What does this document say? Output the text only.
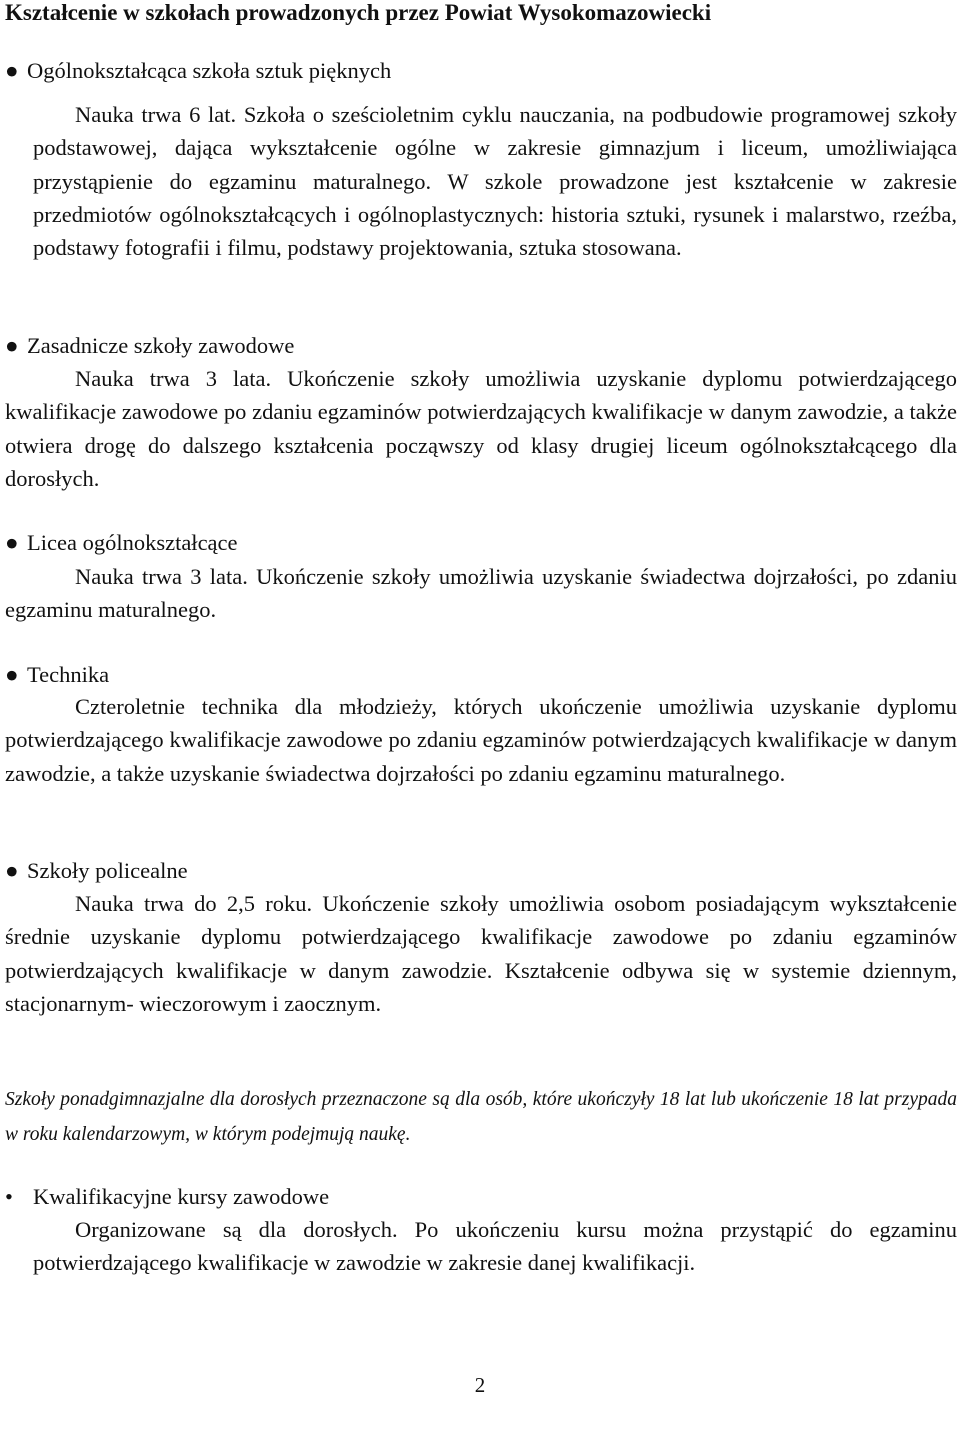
Kształcenie w szkołach prowadzonych przez Powiat Wysokomazowiecki
● Ogólnokształcąca szkoła sztuk pięknych
Nauka trwa 6 lat. Szkoła o sześcioletnim cyklu nauczania, na podbudowie programowej szkoły podstawowej, dająca wykształcenie ogólne w zakresie gimnazjum i liceum, umożliwiająca przystąpienie do egzaminu maturalnego. W szkole prowadzone jest kształcenie w zakresie przedmiotów ogólnokształcących i ogólnoplastycznych: historia sztuki, rysunek i malarstwo, rzeźba, podstawy fotografii i filmu, podstawy projektowania, sztuka stosowana.
● Zasadnicze szkoły zawodowe
Nauka trwa 3 lata. Ukończenie szkoły umożliwia uzyskanie dyplomu potwierdzającego kwalifikacje zawodowe po zdaniu egzaminów potwierdzających kwalifikacje w danym zawodzie, a także otwiera drogę do dalszego kształcenia począwszy od klasy drugiej liceum ogólnokształcącego dla dorosłych.
● Licea ogólnokształcące
Nauka trwa 3 lata. Ukończenie szkoły umożliwia uzyskanie świadectwa dojrzałości, po zdaniu egzaminu maturalnego.
● Technika
Czteroletnie technika dla młodzieży, których ukończenie umożliwia uzyskanie dyplomu potwierdzającego kwalifikacje zawodowe po zdaniu egzaminów potwierdzających kwalifikacje w danym zawodzie, a także uzyskanie świadectwa dojrzałości po zdaniu egzaminu maturalnego.
● Szkoły policealne
Nauka trwa do 2,5 roku. Ukończenie szkoły umożliwia osobom posiadającym wykształcenie średnie uzyskanie dyplomu potwierdzającego kwalifikacje zawodowe po zdaniu egzaminów potwierdzających kwalifikacje w danym zawodzie. Kształcenie odbywa się w systemie dziennym, stacjonarnym- wieczorowym i zaocznym.
Szkoły ponadgimnazjalne dla dorosłych przeznaczone są dla osób, które ukończyły 18 lat lub ukończenie 18 lat przypada w roku kalendarzowym, w którym podejmują naukę.
• Kwalifikacyjne kursy zawodowe
Organizowane są dla dorosłych. Po ukończeniu kursu można przystąpić do egzaminu potwierdzającego kwalifikacje w zawodzie w zakresie danej kwalifikacji.
2
